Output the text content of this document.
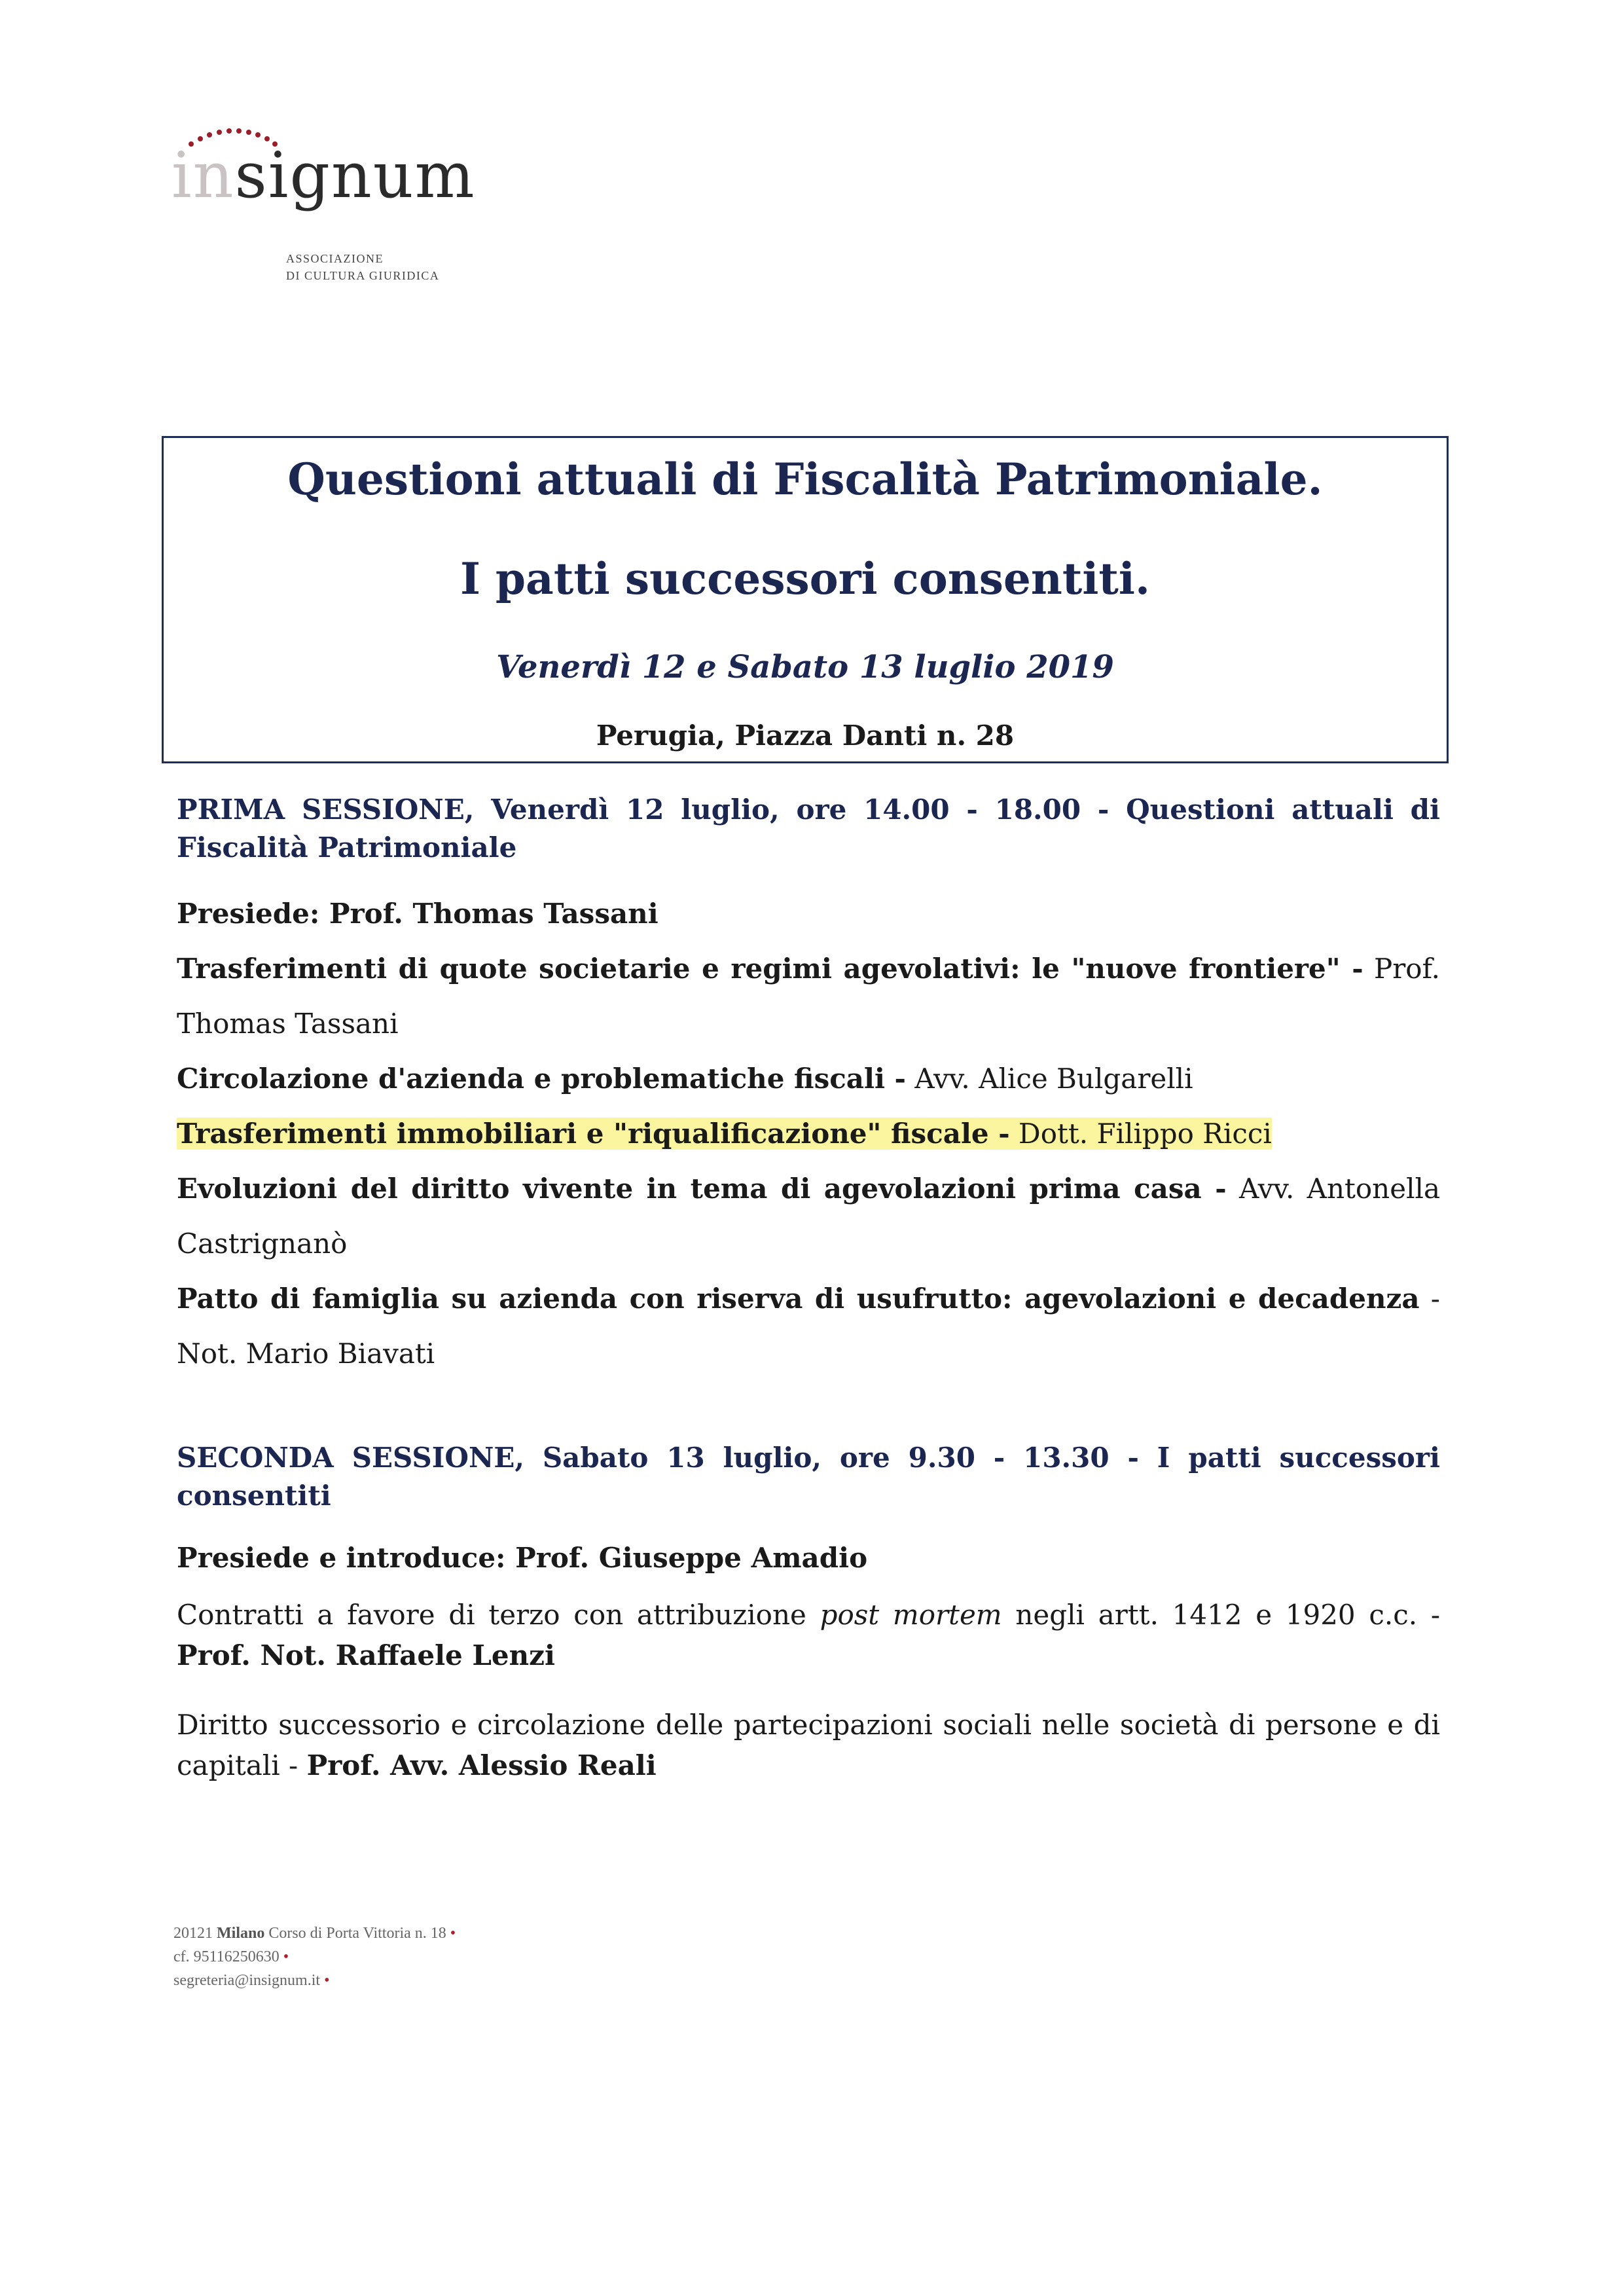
insignum
ASSOCIAZIONE
DI CULTURA GIURIDICA
Questioni attuali di Fiscalità Patrimoniale.
I patti successori consentiti.
Venerdì 12 e Sabato 13 luglio 2019
Perugia, Piazza Danti n. 28
PRIMA SESSIONE, Venerdì 12 luglio, ore 14.00 - 18.00 - Questioni attuali di Fiscalità Patrimoniale
Presiede: Prof. Thomas Tassani
Trasferimenti di quote societarie e regimi agevolativi: le "nuove frontiere" - Prof. Thomas Tassani
Circolazione d'azienda e problematiche fiscali - Avv. Alice Bulgarelli
Trasferimenti immobiliari e "riqualificazione" fiscale - Dott. Filippo Ricci
Evoluzioni del diritto vivente in tema di agevolazioni prima casa - Avv. Antonella Castrignanò
Patto di famiglia su azienda con riserva di usufrutto: agevolazioni e decadenza - Not. Mario Biavati
SECONDA SESSIONE, Sabato 13 luglio, ore 9.30 - 13.30 - I patti successori consentiti
Presiede e introduce: Prof. Giuseppe Amadio
Contratti a favore di terzo con attribuzione post mortem negli artt. 1412 e 1920 c.c. - Prof. Not. Raffaele Lenzi
Diritto successorio e circolazione delle partecipazioni sociali nelle società di persone e di capitali - Prof. Avv. Alessio Reali
20121 Milano Corso di Porta Vittoria n. 18 •
cf. 95116250630 •
segreteria@insignum.it •
